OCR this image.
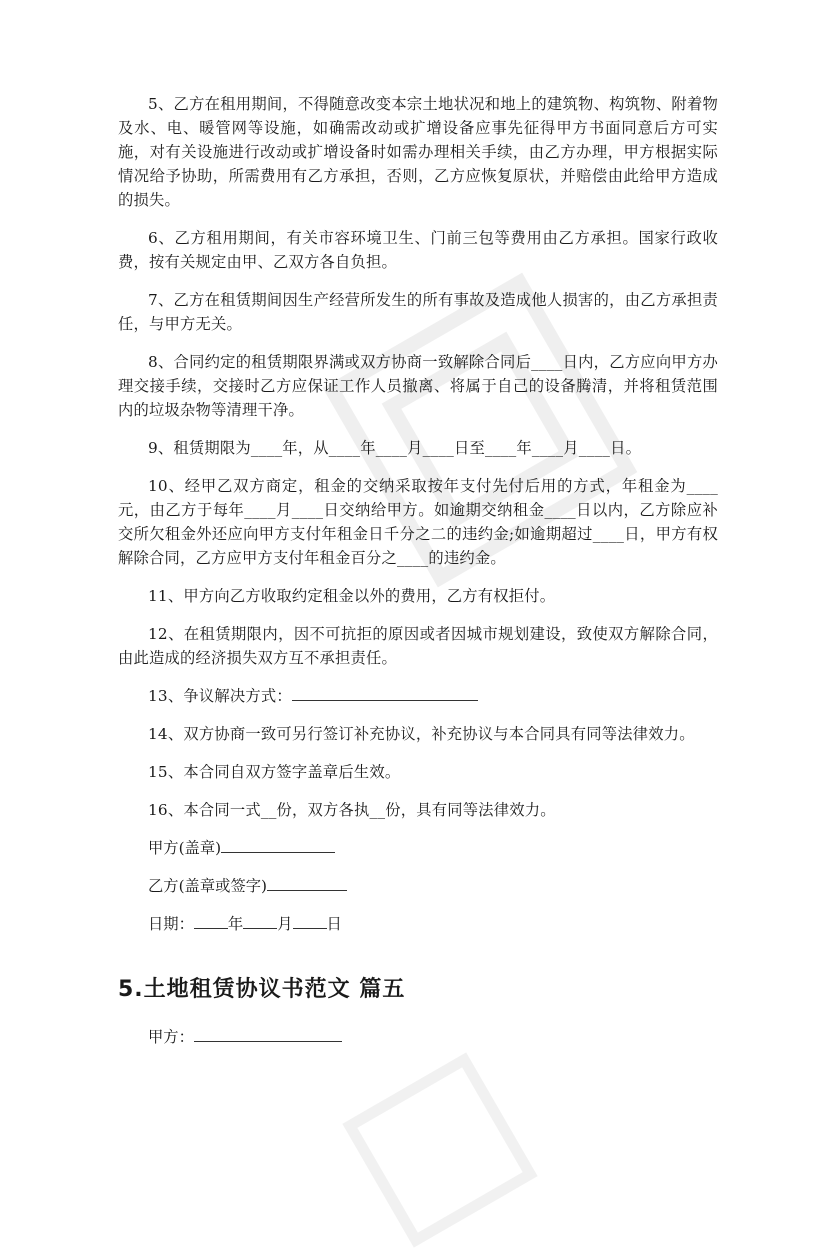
5、乙方在租用期间，不得随意改变本宗土地状况和地上的建筑物、构筑物、附着物及水、电、暖管网等设施，如确需改动或扩增设备应事先征得甲方书面同意后方可实施，对有关设施进行改动或扩增设备时如需办理相关手续，由乙方办理，甲方根据实际情况给予协助，所需费用有乙方承担，否则，乙方应恢复原状，并赔偿由此给甲方造成的损失。

6、乙方租用期间，有关市容环境卫生、门前三包等费用由乙方承担。国家行政收费，按有关规定由甲、乙双方各自负担。

7、乙方在租赁期间因生产经营所发生的所有事故及造成他人损害的，由乙方承担责任，与甲方无关。

8、合同约定的租赁期限界满或双方协商一致解除合同后____日内，乙方应向甲方办理交接手续，交接时乙方应保证工作人员撤离、将属于自己的设备腾清，并将租赁范围内的垃圾杂物等清理干净。

9、租赁期限为____年，从____年____月____日至____年____月____日。

10、经甲乙双方商定，租金的交纳采取按年支付先付后用的方式，年租金为____元，由乙方于每年____月____日交纳给甲方。如逾期交纳租金____日以内，乙方除应补交所欠租金外还应向甲方支付年租金日千分之二的违约金;如逾期超过____日，甲方有权解除合同，乙方应甲方支付年租金百分之____的违约金。

11、甲方向乙方收取约定租金以外的费用，乙方有权拒付。

12、在租赁期限内，因不可抗拒的原因或者因城市规划建设，致使双方解除合同，由此造成的经济损失双方互不承担责任。

13、争议解决方式：

14、双方协商一致可另行签订补充协议，补充协议与本合同具有同等法律效力。

15、本合同自双方签字盖章后生效。

16、本合同一式__份，双方各执__份，具有同等法律效力。

甲方(盖章)

乙方(盖章或签字)

日期： 年 月 日

5.土地租赁协议书范文 篇五

甲方：
